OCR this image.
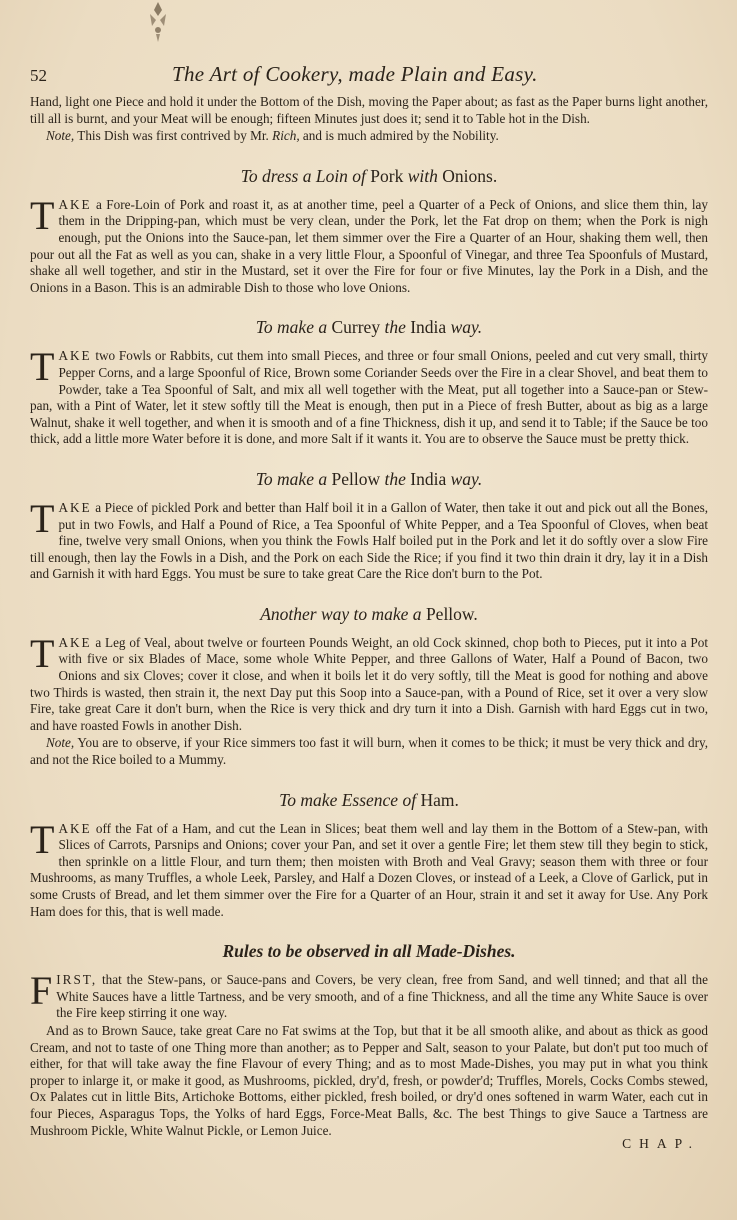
52	The Art of Cookery, made Plain and Easy.

Hand, light one Piece and hold it under the Bottom of the Dish, moving the Paper about; as fast as the Paper burns light another, till all is burnt, and your Meat will be enough; fifteen Minutes just does it; send it to Table hot in the Dish.

Note, This Dish was first contrived by Mr. Rich, and is much admired by the Nobility.

To dress a Loin of Pork with Onions.

TAKE a Fore-Loin of Pork and roast it, as at another time, peel a Quarter of a Peck of Onions, and slice them thin, lay them in the Dripping-pan, which must be very clean, under the Pork, let the Fat drop on them; when the Pork is nigh enough, put the Onions into the Sauce-pan, let them simmer over the Fire a Quarter of an Hour, shaking them well, then pour out all the Fat as well as you can, shake in a very little Flour, a Spoonful of Vinegar, and three Tea Spoonfuls of Mustard, shake all well together, and stir in the Mustard, set it over the Fire for four or five Minutes, lay the Pork in a Dish, and the Onions in a Bason. This is an admirable Dish to those who love Onions.

To make a Currey the India way.

TAKE two Fowls or Rabbits, cut them into small Pieces, and three or four small Onions, peeled and cut very small, thirty Pepper Corns, and a large Spoonful of Rice, Brown some Coriander Seeds over the Fire in a clear Shovel, and beat them to Powder, take a Tea Spoonful of Salt, and mix all well together with the Meat, put all together into a Sauce-pan or Stew-pan, with a Pint of Water, let it stew softly till the Meat is enough, then put in a Piece of fresh Butter, about as big as a large Walnut, shake it well together, and when it is smooth and of a fine Thickness, dish it up, and send it to Table; if the Sauce be too thick, add a little more Water before it is done, and more Salt if it wants it. You are to observe the Sauce must be pretty thick.

To make a Pellow the India way.

TAKE a Piece of pickled Pork and better than Half boil it in a Gallon of Water, then take it out and pick out all the Bones, put in two Fowls, and Half a Pound of Rice, a Tea Spoonful of White Pepper, and a Tea Spoonful of Cloves, when beat fine, twelve very small Onions, when you think the Fowls Half boiled put in the Pork and let it do softly over a slow Fire till enough, then lay the Fowls in a Dish, and the Pork on each Side the Rice; if you find it two thin drain it dry, lay it in a Dish and Garnish it with hard Eggs. You must be sure to take great Care the Rice don't burn to the Pot.

Another way to make a Pellow.

TAKE a Leg of Veal, about twelve or fourteen Pounds Weight, an old Cock skinned, chop both to Pieces, put it into a Pot with five or six Blades of Mace, some whole White Pepper, and three Gallons of Water, Half a Pound of Bacon, two Onions and six Cloves; cover it close, and when it boils let it do very softly, till the Meat is good for nothing and above two Thirds is wasted, then strain it, the next Day put this Soop into a Sauce-pan, with a Pound of Rice, set it over a very slow Fire, take great Care it don't burn, when the Rice is very thick and dry turn it into a Dish. Garnish with hard Eggs cut in two, and have roasted Fowls in another Dish.

Note, You are to observe, if your Rice simmers too fast it will burn, when it comes to be thick; it must be very thick and dry, and not the Rice boiled to a Mummy.

To make Essence of Ham.

TAKE off the Fat of a Ham, and cut the Lean in Slices; beat them well and lay them in the Bottom of a Stew-pan, with Slices of Carrots, Parsnips and Onions; cover your Pan, and set it over a gentle Fire; let them stew till they begin to stick, then sprinkle on a little Flour, and turn them; then moisten with Broth and Veal Gravy; season them with three or four Mushrooms, as many Truffles, a whole Leek, Parsley, and Half a Dozen Cloves, or instead of a Leek, a Clove of Garlick, put in some Crusts of Bread, and let them simmer over the Fire for a Quarter of an Hour, strain it and set it away for Use. Any Pork Ham does for this, that is well made.

Rules to be observed in all Made-Dishes.

FIRST, that the Stew-pans, or Sauce-pans and Covers, be very clean, free from Sand, and well tinned; and that all the White Sauces have a little Tartness, and be very smooth, and of a fine Thickness, and all the time any White Sauce is over the Fire keep stirring it one way.

And as to Brown Sauce, take great Care no Fat swims at the Top, but that it be all smooth alike, and about as thick as good Cream, and not to taste of one Thing more than another; as to Pepper and Salt, season to your Palate, but don't put too much of either, for that will take away the fine Flavour of every Thing; and as to most Made-Dishes, you may put in what you think proper to inlarge it, or make it good, as Mushrooms, pickled, dry'd, fresh, or powder'd; Truffles, Morels, Cocks Combs stewed, Ox Palates cut in little Bits, Artichoke Bottoms, either pickled, fresh boiled, or dry'd ones softened in warm Water, each cut in four Pieces, Asparagus Tops, the Yolks of hard Eggs, Force-Meat Balls, &c. The best Things to give Sauce a Tartness are Mushroom Pickle, White Walnut Pickle, or Lemon Juice.

CHAP.
